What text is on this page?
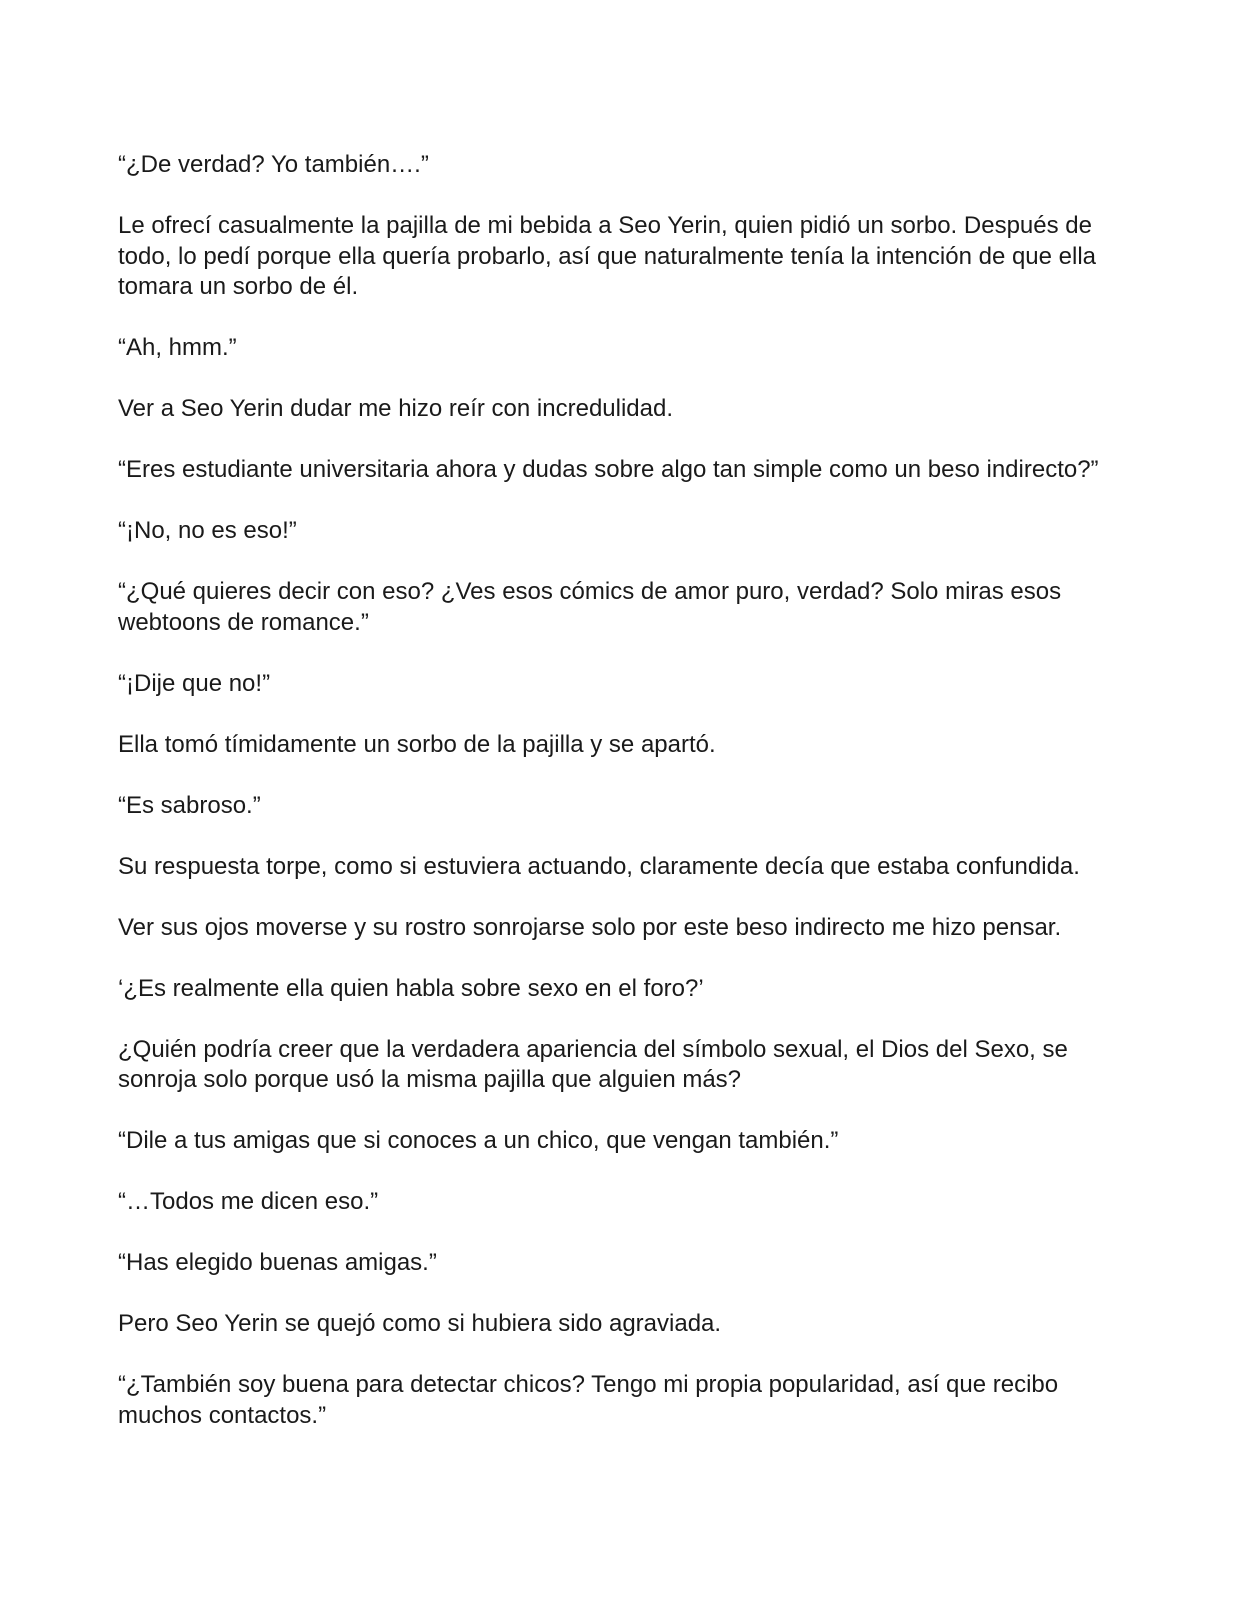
“¿De verdad? Yo también….”

Le ofrecí casualmente la pajilla de mi bebida a Seo Yerin, quien pidió un sorbo. Después de todo, lo pedí porque ella quería probarlo, así que naturalmente tenía la intención de que ella tomara un sorbo de él.

“Ah, hmm.”

Ver a Seo Yerin dudar me hizo reír con incredulidad.

“Eres estudiante universitaria ahora y dudas sobre algo tan simple como un beso indirecto?”

“¡No, no es eso!”

“¿Qué quieres decir con eso? ¿Ves esos cómics de amor puro, verdad? Solo miras esos webtoons de romance.”

“¡Dije que no!”

Ella tomó tímidamente un sorbo de la pajilla y se apartó.

“Es sabroso.”

Su respuesta torpe, como si estuviera actuando, claramente decía que estaba confundida.

Ver sus ojos moverse y su rostro sonrojarse solo por este beso indirecto me hizo pensar.

‘¿Es realmente ella quien habla sobre sexo en el foro?’

¿Quién podría creer que la verdadera apariencia del símbolo sexual, el Dios del Sexo, se sonroja solo porque usó la misma pajilla que alguien más?

“Dile a tus amigas que si conoces a un chico, que vengan también.”

“…Todos me dicen eso.”

“Has elegido buenas amigas.”

Pero Seo Yerin se quejó como si hubiera sido agraviada.

“¿También soy buena para detectar chicos? Tengo mi propia popularidad, así que recibo muchos contactos.”
